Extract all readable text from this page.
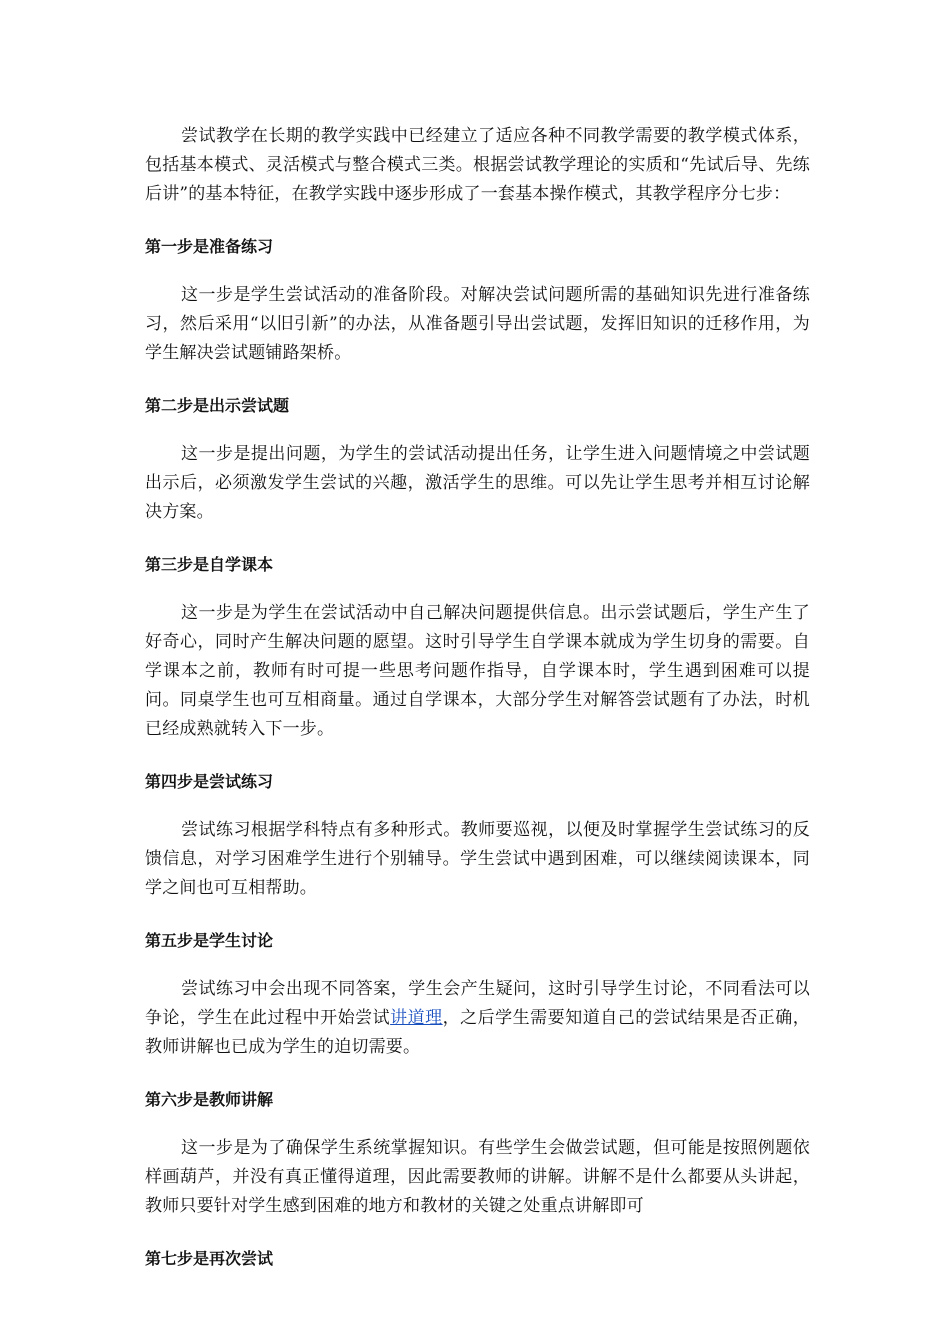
尝试教学在长期的教学实践中已经建立了适应各种不同教学需要的教学模式体系，包括基本模式、灵活模式与整合模式三类。根据尝试教学理论的实质和“先试后导、先练后讲”的基本特征，在教学实践中逐步形成了一套基本操作模式，其教学程序分七步：

第一步是准备练习

这一步是学生尝试活动的准备阶段。对解决尝试问题所需的基础知识先进行准备练习，然后采用“以旧引新”的办法，从准备题引导出尝试题，发挥旧知识的迁移作用，为学生解决尝试题铺路架桥。

第二步是出示尝试题

这一步是提出问题，为学生的尝试活动提出任务，让学生进入问题情境之中尝试题出示后，必须激发学生尝试的兴趣，激活学生的思维。可以先让学生思考并相互讨论解决方案。

第三步是自学课本

这一步是为学生在尝试活动中自己解决问题提供信息。出示尝试题后，学生产生了好奇心，同时产生解决问题的愿望。这时引导学生自学课本就成为学生切身的需要。自学课本之前，教师有时可提一些思考问题作指导，自学课本时，学生遇到困难可以提问。同桌学生也可互相商量。通过自学课本，大部分学生对解答尝试题有了办法，时机已经成熟就转入下一步。

第四步是尝试练习

尝试练习根据学科特点有多种形式。教师要巡视，以便及时掌握学生尝试练习的反馈信息，对学习困难学生进行个别辅导。学生尝试中遇到困难，可以继续阅读课本，同学之间也可互相帮助。

第五步是学生讨论

尝试练习中会出现不同答案，学生会产生疑问，这时引导学生讨论，不同看法可以争论，学生在此过程中开始尝试讲道理，之后学生需要知道自己的尝试结果是否正确，教师讲解也已成为学生的迫切需要。

第六步是教师讲解

这一步是为了确保学生系统掌握知识。有些学生会做尝试题，但可能是按照例题依样画葫芦，并没有真正懂得道理，因此需要教师的讲解。讲解不是什么都要从头讲起，教师只要针对学生感到困难的地方和教材的关键之处重点讲解即可

第七步是再次尝试
